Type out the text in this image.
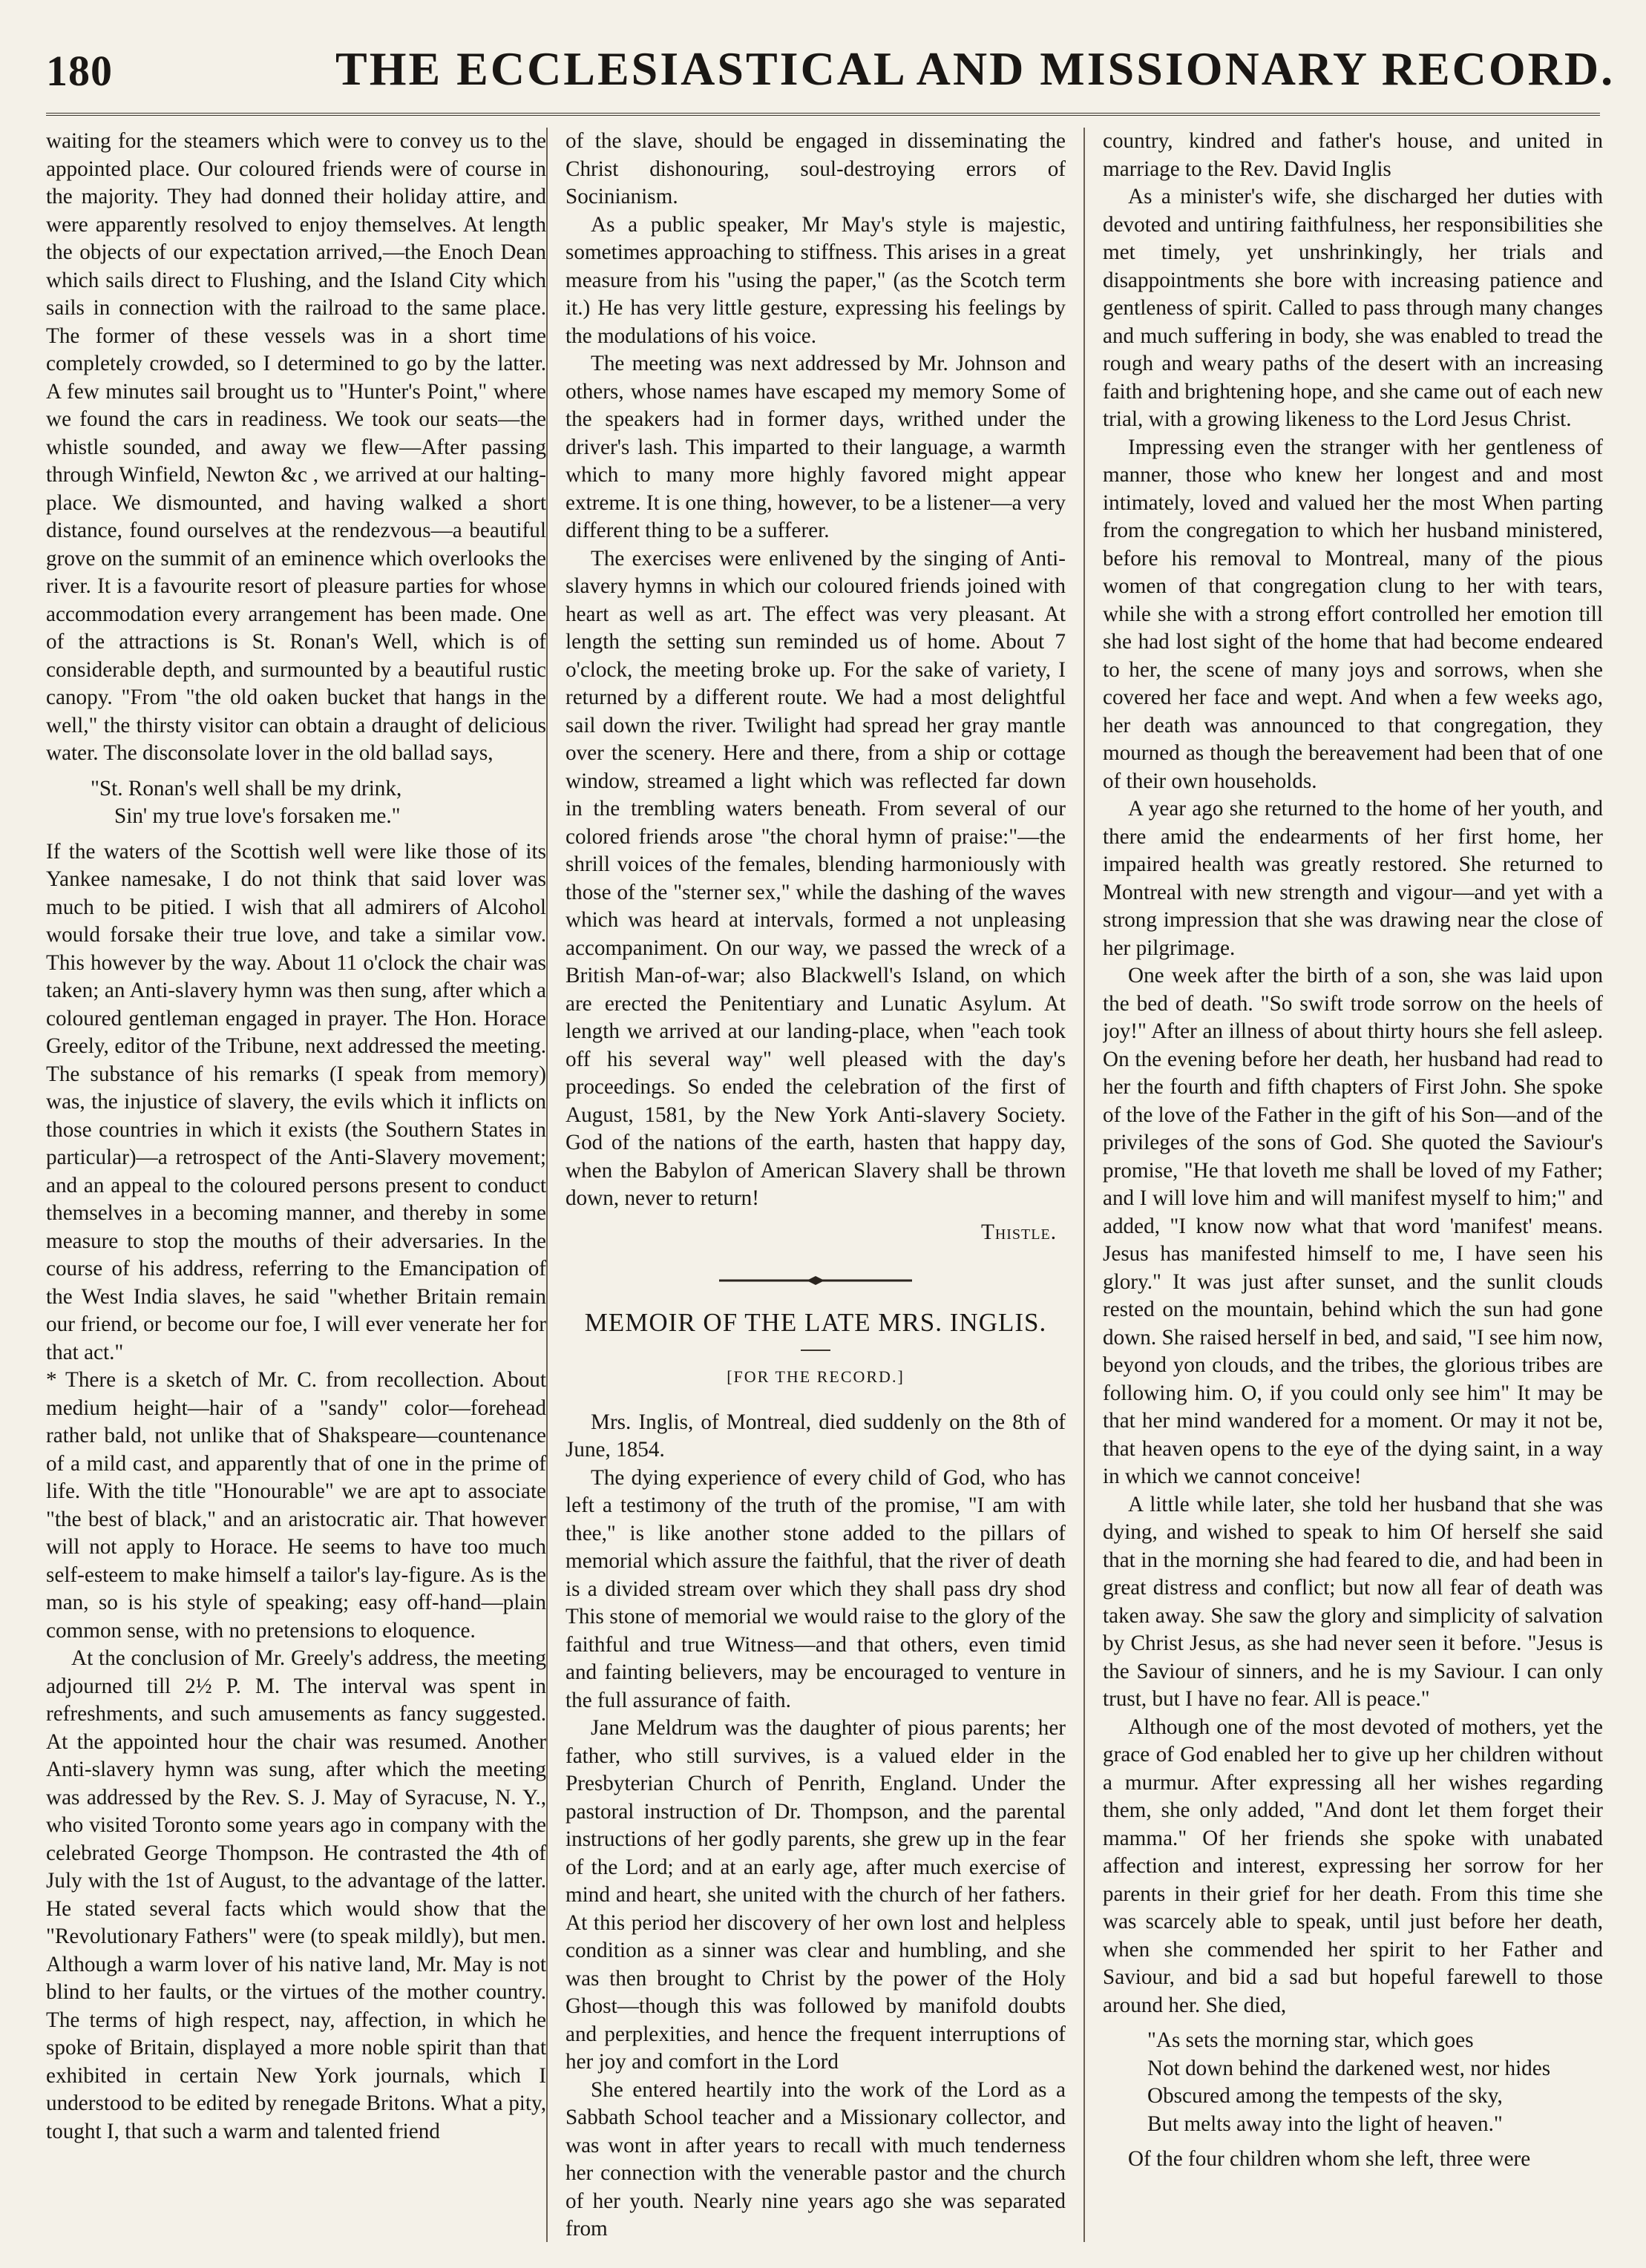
180	THE ECCLESIASTICAL AND MISSIONARY RECORD.

waiting for the steamers which were to convey us to the appointed place. Our coloured friends were of course in the majority. They had donned their holiday attire, and were apparently resolved to enjoy themselves. At length the objects of our expectation arrived,—the Enoch Dean which sails direct to Flushing, and the Island City which sails in connection with the railroad to the same place. The former of these vessels was in a short time completely crowded, so I determined to go by the latter. A few minutes sail brought us to "Hunter's Point," where we found the cars in readiness. We took our seats—the whistle sounded, and away we flew—After passing through Winfield, Newton &c , we arrived at our halting-place. We dismounted, and having walked a short distance, found ourselves at the rendezvous—a beautiful grove on the summit of an eminence which overlooks the river. It is a favourite resort of pleasure parties for whose accommodation every arrangement has been made. One of the attractions is St. Ronan's Well, which is of considerable depth, and surmounted by a beautiful rustic canopy. "From "the old oaken bucket that hangs in the well," the thirsty visitor can obtain a draught of delicious water. The disconsolate lover in the old ballad says,

"St. Ronan's well shall be my drink,
Sin' my true love's forsaken me."

If the waters of the Scottish well were like those of its Yankee namesake, I do not think that said lover was much to be pitied. I wish that all admirers of Alcohol would forsake their true love, and take a similar vow. This however by the way. About 11 o'clock the chair was taken; an Anti-slavery hymn was then sung, after which a coloured gentleman engaged in prayer. The Hon. Horace Greely, editor of the Tribune, next addressed the meeting. The substance of his remarks (I speak from memory) was, the injustice of slavery, the evils which it inflicts on those countries in which it exists (the Southern States in particular)—a retrospect of the Anti-Slavery movement; and an appeal to the coloured persons present to conduct themselves in a becoming manner, and thereby in some measure to stop the mouths of their adversaries. In the course of his address, referring to the Emancipation of the West India slaves, he said "whether Britain remain our friend, or become our foe, I will ever venerate her for that act."

* There is a sketch of Mr. C. from recollection. About medium height—hair of a "sandy" color—forehead rather bald, not unlike that of Shakspeare—countenance of a mild cast, and apparently that of one in the prime of life. With the title "Honourable" we are apt to associate "the best of black," and an aristocratic air. That however will not apply to Horace. He seems to have too much self-esteem to make himself a tailor's lay-figure. As is the man, so is his style of speaking; easy off-hand—plain common sense, with no pretensions to eloquence.

At the conclusion of Mr. Greely's address, the meeting adjourned till 2½ P. M. The interval was spent in refreshments, and such amusements as fancy suggested. At the appointed hour the chair was resumed. Another Anti-slavery hymn was sung, after which the meeting was addressed by the Rev. S. J. May of Syracuse, N. Y., who visited Toronto some years ago in company with the celebrated George Thompson. He contrasted the 4th of July with the 1st of August, to the advantage of the latter. He stated several facts which would show that the "Revolutionary Fathers" were (to speak mildly), but men. Although a warm lover of his native land, Mr. May is not blind to her faults, or the virtues of the mother country. The terms of high respect, nay, affection, in which he spoke of Britain, displayed a more noble spirit than that exhibited in certain New York journals, which I understood to be edited by renegade Britons. What a pity, tought I, that such a warm and talented friend

of the slave, should be engaged in disseminating the Christ dishonouring, soul-destroying errors of Socinianism.

As a public speaker, Mr May's style is majestic, sometimes approaching to stiffness. This arises in a great measure from his "using the paper," (as the Scotch term it.) He has very little gesture, expressing his feelings by the modulations of his voice.

The meeting was next addressed by Mr. Johnson and others, whose names have escaped my memory Some of the speakers had in former days, writhed under the driver's lash. This imparted to their language, a warmth which to many more highly favored might appear extreme. It is one thing, however, to be a listener—a very different thing to be a sufferer.

The exercises were enlivened by the singing of Anti-slavery hymns in which our coloured friends joined with heart as well as art. The effect was very pleasant. At length the setting sun reminded us of home. About 7 o'clock, the meeting broke up. For the sake of variety, I returned by a different route. We had a most delightful sail down the river. Twilight had spread her gray mantle over the scenery. Here and there, from a ship or cottage window, streamed a light which was reflected far down in the trembling waters beneath. From several of our colored friends arose "the choral hymn of praise:"—the shrill voices of the females, blending harmoniously with those of the "sterner sex," while the dashing of the waves which was heard at intervals, formed a not unpleasing accompaniment. On our way, we passed the wreck of a British Man-of-war; also Blackwell's Island, on which are erected the Penitentiary and Lunatic Asylum. At length we arrived at our landing-place, when "each took off his several way" well pleased with the day's proceedings. So ended the celebration of the first of August, 1581, by the New York Anti-slavery Society. God of the nations of the earth, hasten that happy day, when the Babylon of American Slavery shall be thrown down, never to return!

Thistle.
MEMOIR OF THE LATE MRS. INGLIS.
[FOR THE RECORD.]

Mrs. Inglis, of Montreal, died suddenly on the 8th of June, 1854.

The dying experience of every child of God, who has left a testimony of the truth of the promise, "I am with thee," is like another stone added to the pillars of memorial which assure the faithful, that the river of death is a divided stream over which they shall pass dry shod This stone of memorial we would raise to the glory of the faithful and true Witness—and that others, even timid and fainting believers, may be encouraged to venture in the full assurance of faith.

Jane Meldrum was the daughter of pious parents; her father, who still survives, is a valued elder in the Presbyterian Church of Penrith, England. Under the pastoral instruction of Dr. Thompson, and the parental instructions of her godly parents, she grew up in the fear of the Lord; and at an early age, after much exercise of mind and heart, she united with the church of her fathers. At this period her discovery of her own lost and helpless condition as a sinner was clear and humbling, and she was then brought to Christ by the power of the Holy Ghost—though this was followed by manifold doubts and perplexities, and hence the frequent interruptions of her joy and comfort in the Lord

She entered heartily into the work of the Lord as a Sabbath School teacher and a Missionary collector, and was wont in after years to recall with much tenderness her connection with the venerable pastor and the church of her youth. Nearly nine years ago she was separated from

country, kindred and father's house, and united in marriage to the Rev. David Inglis

As a minister's wife, she discharged her duties with devoted and untiring faithfulness, her responsibilities she met timely, yet unshrinkingly, her trials and disappointments she bore with increasing patience and gentleness of spirit. Called to pass through many changes and much suffering in body, she was enabled to tread the rough and weary paths of the desert with an increasing faith and brightening hope, and she came out of each new trial, with a growing likeness to the Lord Jesus Christ.

Impressing even the stranger with her gentleness of manner, those who knew her longest and and most intimately, loved and valued her the most When parting from the congregation to which her husband ministered, before his removal to Montreal, many of the pious women of that congregation clung to her with tears, while she with a strong effort controlled her emotion till she had lost sight of the home that had become endeared to her, the scene of many joys and sorrows, when she covered her face and wept. And when a few weeks ago, her death was announced to that congregation, they mourned as though the bereavement had been that of one of their own households.

A year ago she returned to the home of her youth, and there amid the endearments of her first home, her impaired health was greatly restored. She returned to Montreal with new strength and vigour—and yet with a strong impression that she was drawing near the close of her pilgrimage.

One week after the birth of a son, she was laid upon the bed of death. "So swift trode sorrow on the heels of joy!" After an illness of about thirty hours she fell asleep. On the evening before her death, her husband had read to her the fourth and fifth chapters of First John. She spoke of the love of the Father in the gift of his Son—and of the privileges of the sons of God. She quoted the Saviour's promise, "He that loveth me shall be loved of my Father; and I will love him and will manifest myself to him;" and added, "I know now what that word 'manifest' means. Jesus has manifested himself to me, I have seen his glory." It was just after sunset, and the sunlit clouds rested on the mountain, behind which the sun had gone down. She raised herself in bed, and said, "I see him now, beyond yon clouds, and the tribes, the glorious tribes are following him. O, if you could only see him" It may be that her mind wandered for a moment. Or may it not be, that heaven opens to the eye of the dying saint, in a way in which we cannot conceive!

A little while later, she told her husband that she was dying, and wished to speak to him Of herself she said that in the morning she had feared to die, and had been in great distress and conflict; but now all fear of death was taken away. She saw the glory and simplicity of salvation by Christ Jesus, as she had never seen it before. "Jesus is the Saviour of sinners, and he is my Saviour. I can only trust, but I have no fear. All is peace."

Although one of the most devoted of mothers, yet the grace of God enabled her to give up her children without a murmur. After expressing all her wishes regarding them, she only added, "And dont let them forget their mamma." Of her friends she spoke with unabated affection and interest, expressing her sorrow for her parents in their grief for her death. From this time she was scarcely able to speak, until just before her death, when she commended her spirit to her Father and Saviour, and bid a sad but hopeful farewell to those around her. She died,

"As sets the morning star, which goes
Not down behind the darkened west, nor hides
Obscured among the tempests of the sky,
But melts away into the light of heaven."

Of the four children whom she left, three were
